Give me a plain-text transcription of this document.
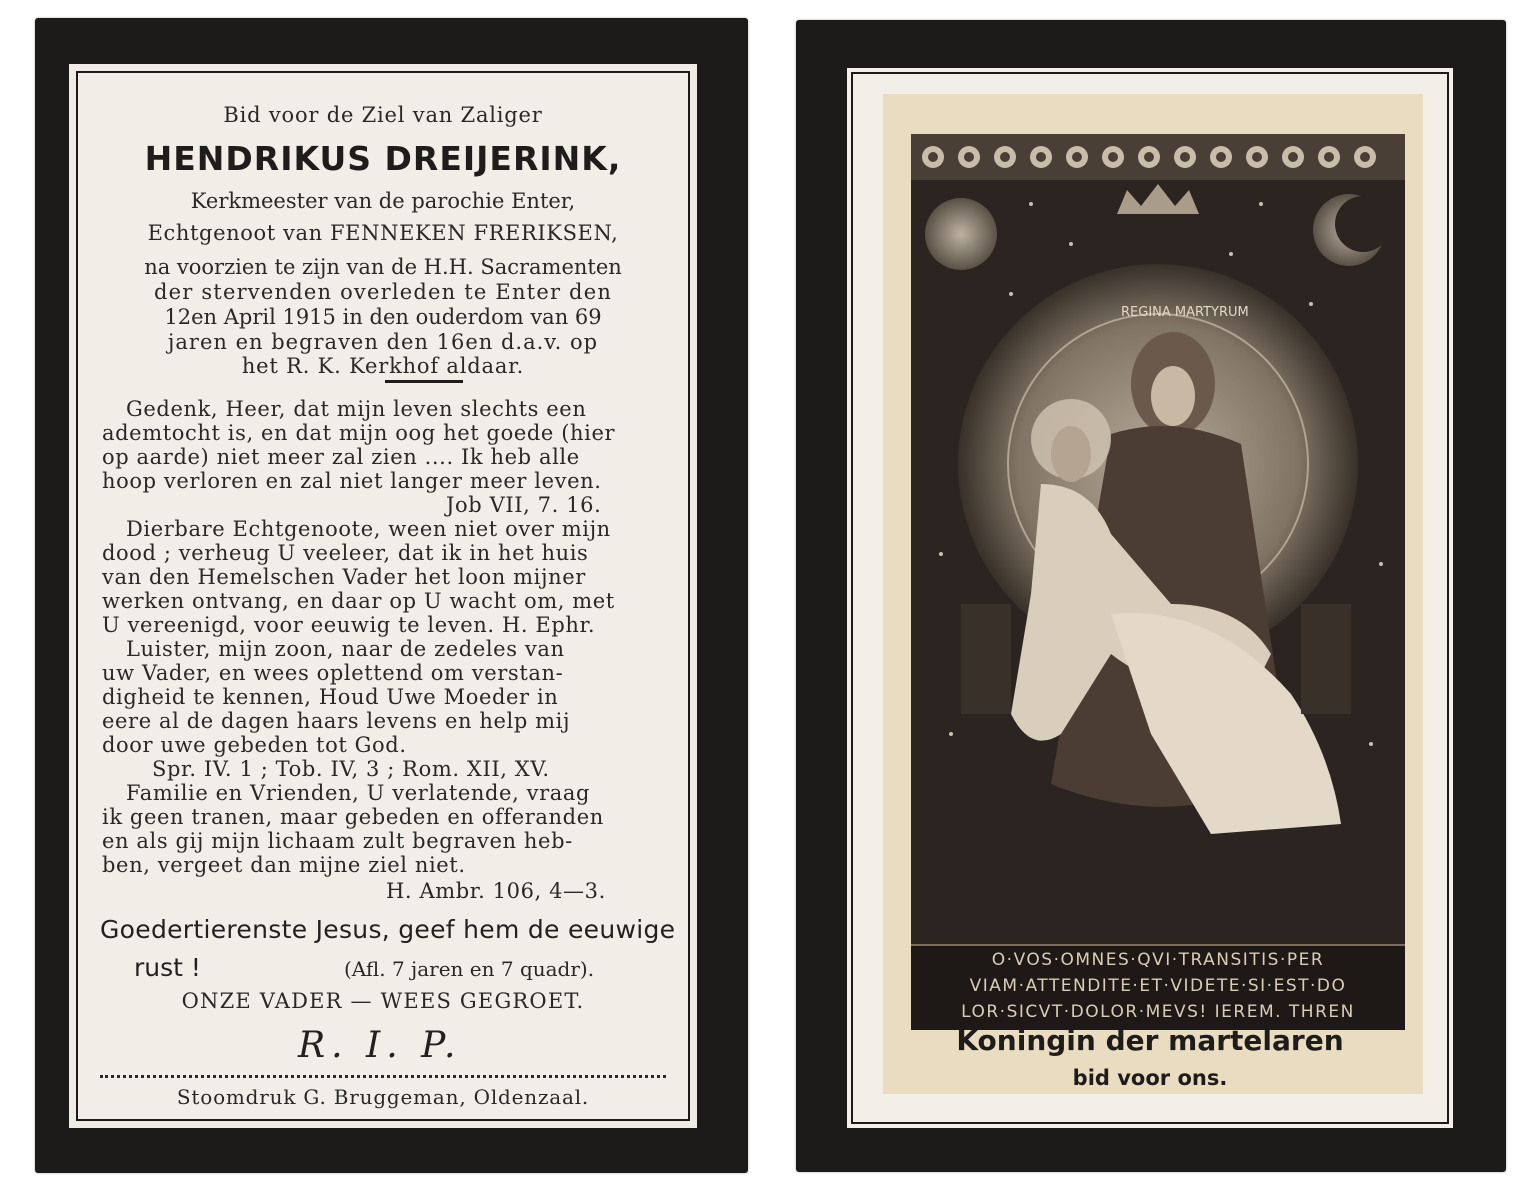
Bid voor de Ziel van Zaliger
HENDRIKUS DREIJERINK,
Kerkmeester van de parochie Enter,
Echtgenoot van FENNEKEN FRERIKSEN,
na voorzien te zijn van de H.H. Sacramenten
der stervenden overleden te Enter den
12en April 1915 in den ouderdom van 69
jaren en begraven den 16en d.a.v. op
het R. K. Kerkhof aldaar.
Gedenk, Heer, dat mijn leven slechts een
ademtocht is, en dat mijn oog het goede (hier
op aarde) niet meer zal zien .... Ik heb alle
hoop verloren en zal niet langer meer leven.
Job VII, 7. 16.
Dierbare Echtgenoote, ween niet over mijn
dood ; verheug U veeleer, dat ik in het huis
van den Hemelschen Vader het loon mijner
werken ontvang, en daar op U wacht om, met
U vereenigd, voor eeuwig te leven. H. Ephr.
Luister, mijn zoon, naar de zedeles van
uw Vader, en wees oplettend om verstan-
digheid te kennen, Houd Uwe Moeder in
eere al de dagen haars levens en help mij
door uwe gebeden tot God.
Spr. IV. 1 ; Tob. IV, 3 ; Rom. XII, XV.
Familie en Vrienden, U verlatende, vraag
ik geen tranen, maar gebeden en offeranden
en als gij mijn lichaam zult begraven heb-
ben, vergeet dan mijne ziel niet.
H. Ambr. 106, 4—3.
Goedertierenste Jesus, geef hem de eeuwige
rust !	(Afl. 7 jaren en 7 quadr).
ONZE VADER — WEES GEGROET.
R. I. P.
Stoomdruk G. Bruggeman, Oldenzaal.
REGINA MARTYRUM
O·VOS·OMNES·QVI·TRANSITIS·PER
VIAM·ATTENDITE·ET·VIDETE·SI·EST·DO
LOR·SICVT·DOLOR·MEVS! IEREM. THREN
Koningin der martelaren
bid voor ons.
